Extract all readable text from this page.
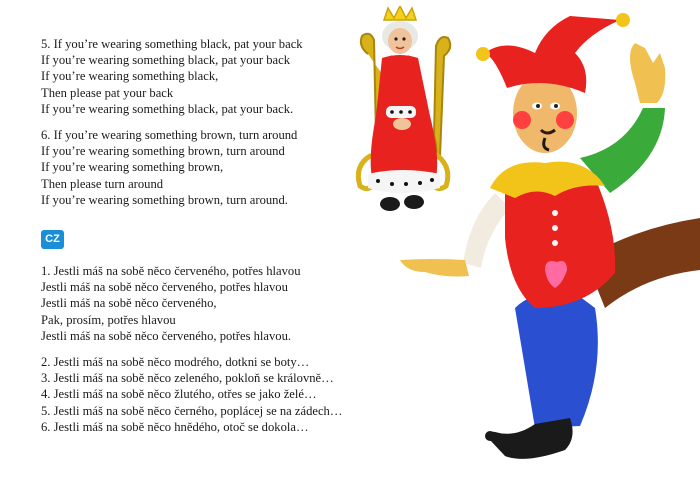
5. If you’re wearing something black, pat your back
If you’re wearing something black, pat your back
If you’re wearing something black,
Then please pat your back
If you’re wearing something black, pat your back.
6. If you’re wearing something brown, turn around
If you’re wearing something brown, turn around
If you’re wearing something brown,
Then please turn around
If you’re wearing something brown, turn around.
CZ
1. Jestli máš na sobě něco červeného, potřes hlavou
Jestli máš na sobě něco červeného, potřes hlavou
Jestli máš na sobě něco červeného,
Pak, prosím, potřes hlavou
Jestli máš na sobě něco červeného, potřes hlavou.
2. Jestli máš na sobě něco modrého, dotkni se boty…
3. Jestli máš na sobě něco zeleného, pokloň se královně…
4. Jestli máš na sobě něco žlutého, otřes se jako želé…
5. Jestli máš na sobě něco černého, poplácej se na zádech…
6. Jestli máš na sobě něco hnědého, otoč se dokola…
